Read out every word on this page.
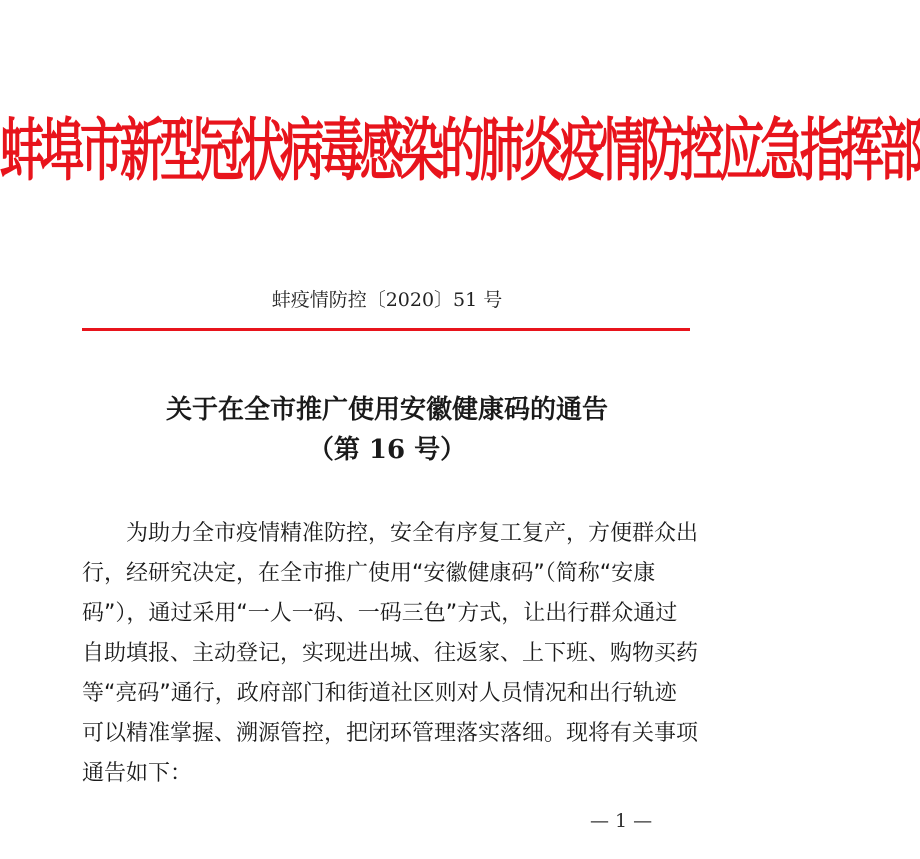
蚌埠市新型冠状病毒感染的肺炎疫情防控应急指挥部
蚌疫情防控〔2020〕51 号
关于在全市推广使用安徽健康码的通告
（第 16 号）
为助力全市疫情精准防控，安全有序复工复产，方便群众出
行，经研究决定，在全市推广使用“安徽健康码”（简称“安康
码”），通过采用“一人一码、一码三色”方式，让出行群众通过
自助填报、主动登记，实现进出城、往返家、上下班、购物买药
等“亮码”通行，政府部门和街道社区则对人员情况和出行轨迹
可以精准掌握、溯源管控，把闭环管理落实落细。现将有关事项
通告如下：
— 1 —
